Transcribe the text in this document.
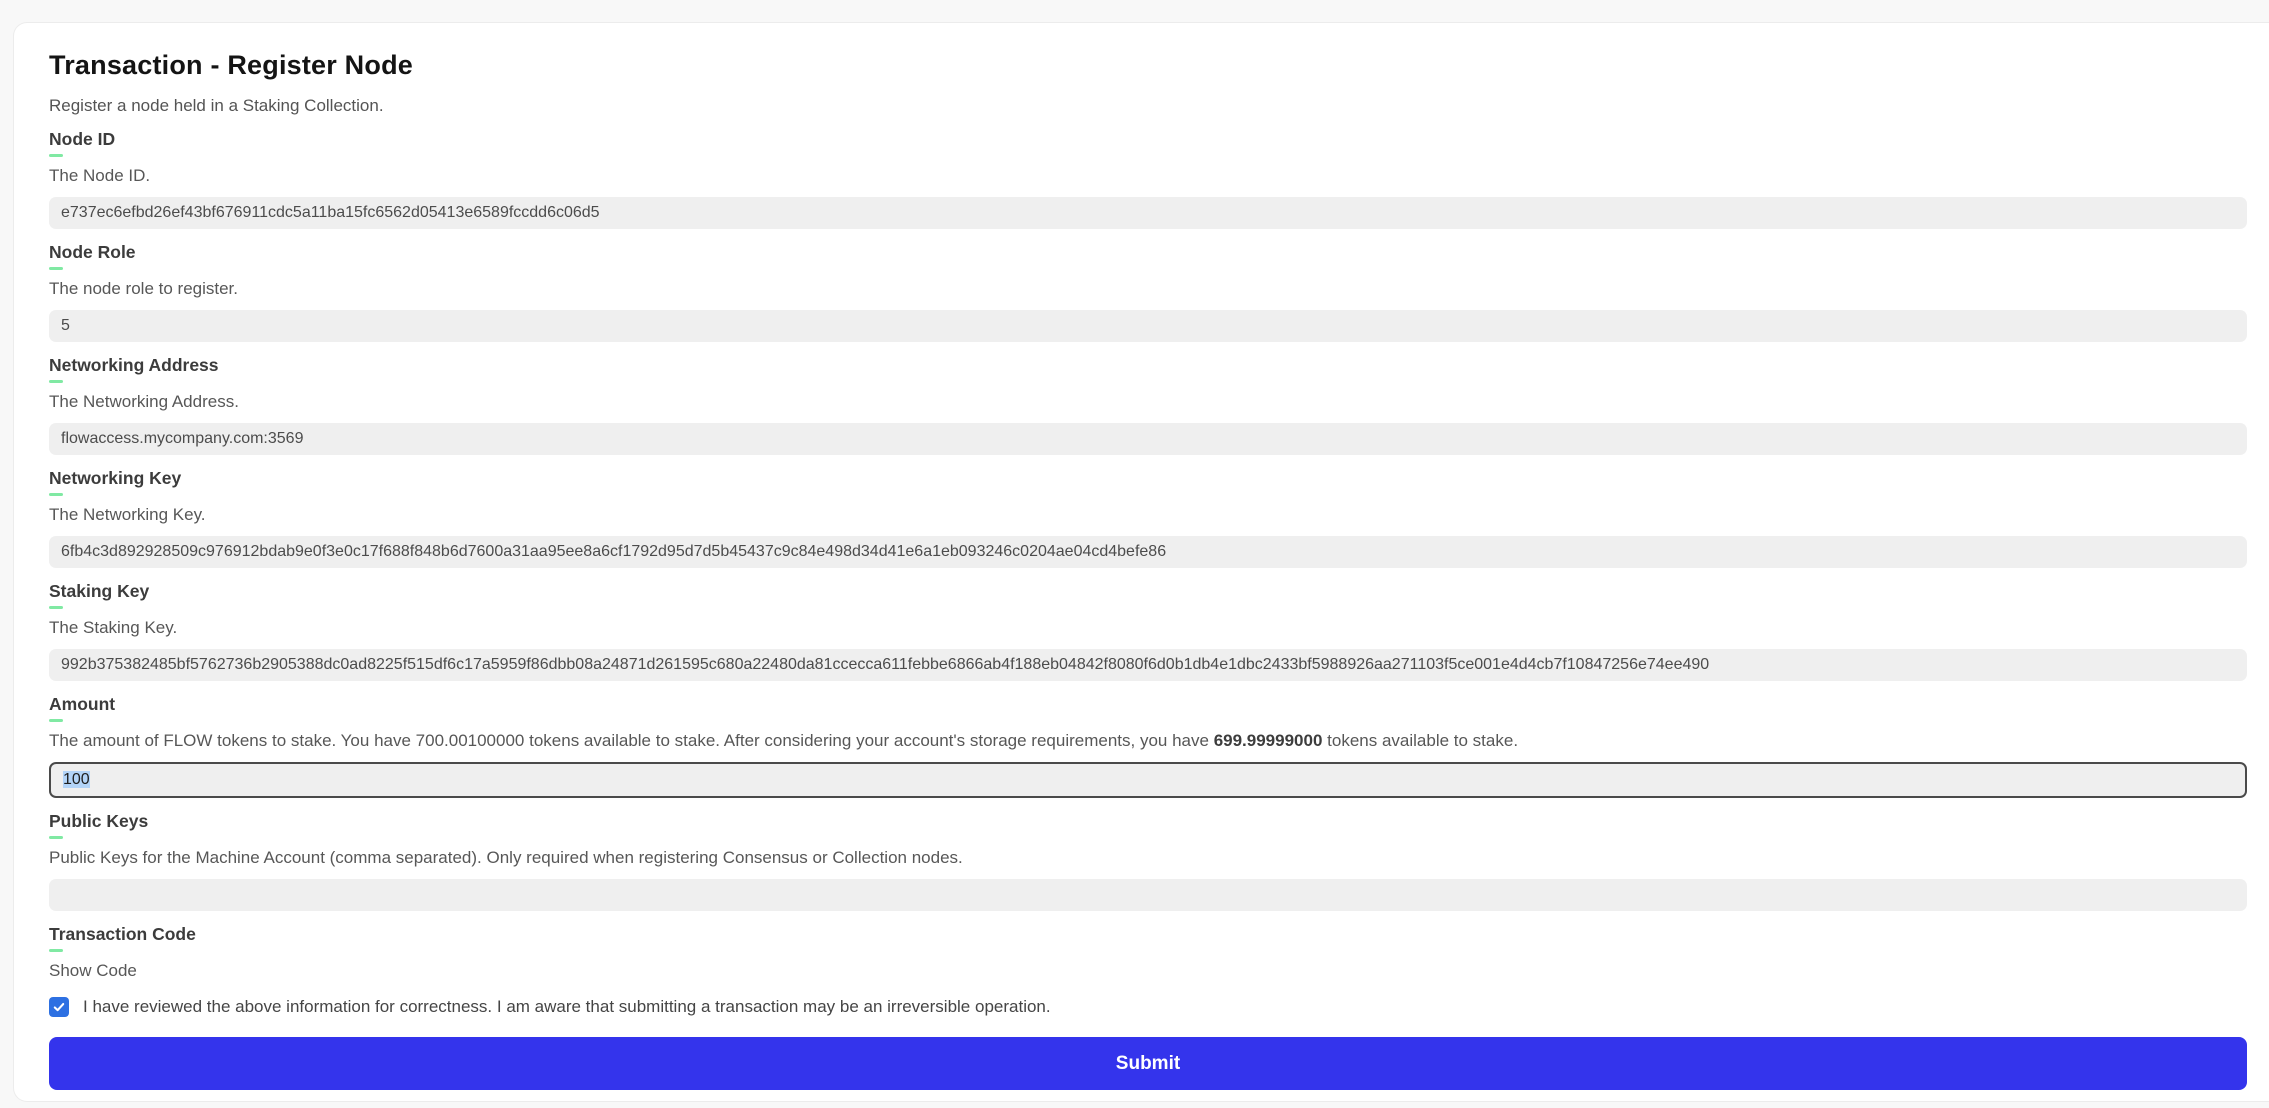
Transaction - Register Node
Register a node held in a Staking Collection.
Node ID
The Node ID.
e737ec6efbd26ef43bf676911cdc5a11ba15fc6562d05413e6589fccdd6c06d5
Node Role
The node role to register.
5
Networking Address
The Networking Address.
flowaccess.mycompany.com:3569
Networking Key
The Networking Key.
6fb4c3d892928509c976912bdab9e0f3e0c17f688f848b6d7600a31aa95ee8a6cf1792d95d7d5b45437c9c84e498d34d41e6a1eb093246c0204ae04cd4befe86
Staking Key
The Staking Key.
992b375382485bf5762736b2905388dc0ad8225f515df6c17a5959f86dbb08a24871d261595c680a22480da81ccecca611febbe6866ab4f188eb04842f8080f6d0b1db4e1dbc2433bf5988926aa271103f5ce001e4d4cb7f10847256e74ee490
Amount
The amount of FLOW tokens to stake. You have 700.00100000 tokens available to stake. After considering your account's storage requirements, you have 699.99999000 tokens available to stake.
100
Public Keys
Public Keys for the Machine Account (comma separated). Only required when registering Consensus or Collection nodes.
Transaction Code
Show Code
I have reviewed the above information for correctness. I am aware that submitting a transaction may be an irreversible operation.
Submit
